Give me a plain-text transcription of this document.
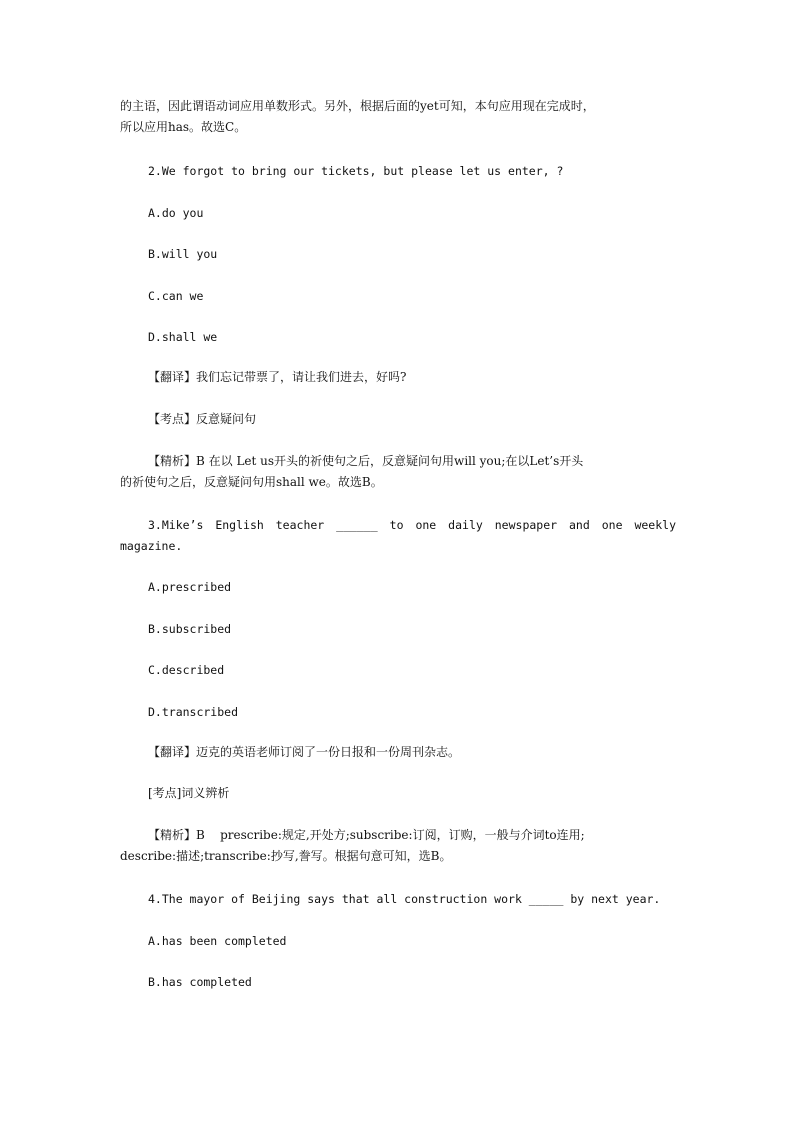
的主语，因此谓语动词应用单数形式。另外，根据后面的yet可知，本句应用现在完成时，
所以应用has。故选C。
2.We forgot to bring our tickets, but please let us enter, ?
A.do you
B.will you
C.can we
D.shall we
【翻译】我们忘记带票了，请让我们进去，好吗?
【考点】反意疑问句
【精析】B 在以 Let us开头的祈使句之后，反意疑问句用will you;在以Let’s开头
的祈使句之后，反意疑问句用shall we。故选B。
3.Mike’s English teacher ______ to one daily newspaper and one weekly
magazine.
A.prescribed
B.subscribed
C.described
D.transcribed
【翻译】迈克的英语老师订阅了一份日报和一份周刊杂志。
[考点]词义辨析
【精析】B    prescribe:规定,开处方;subscribe:订阅，订购，一般与介词to连用;
describe:描述;transcribe:抄写,誊写。根据句意可知，选B。
4.The mayor of Beijing says that all construction work _____ by next year.
A.has been completed
B.has completed
